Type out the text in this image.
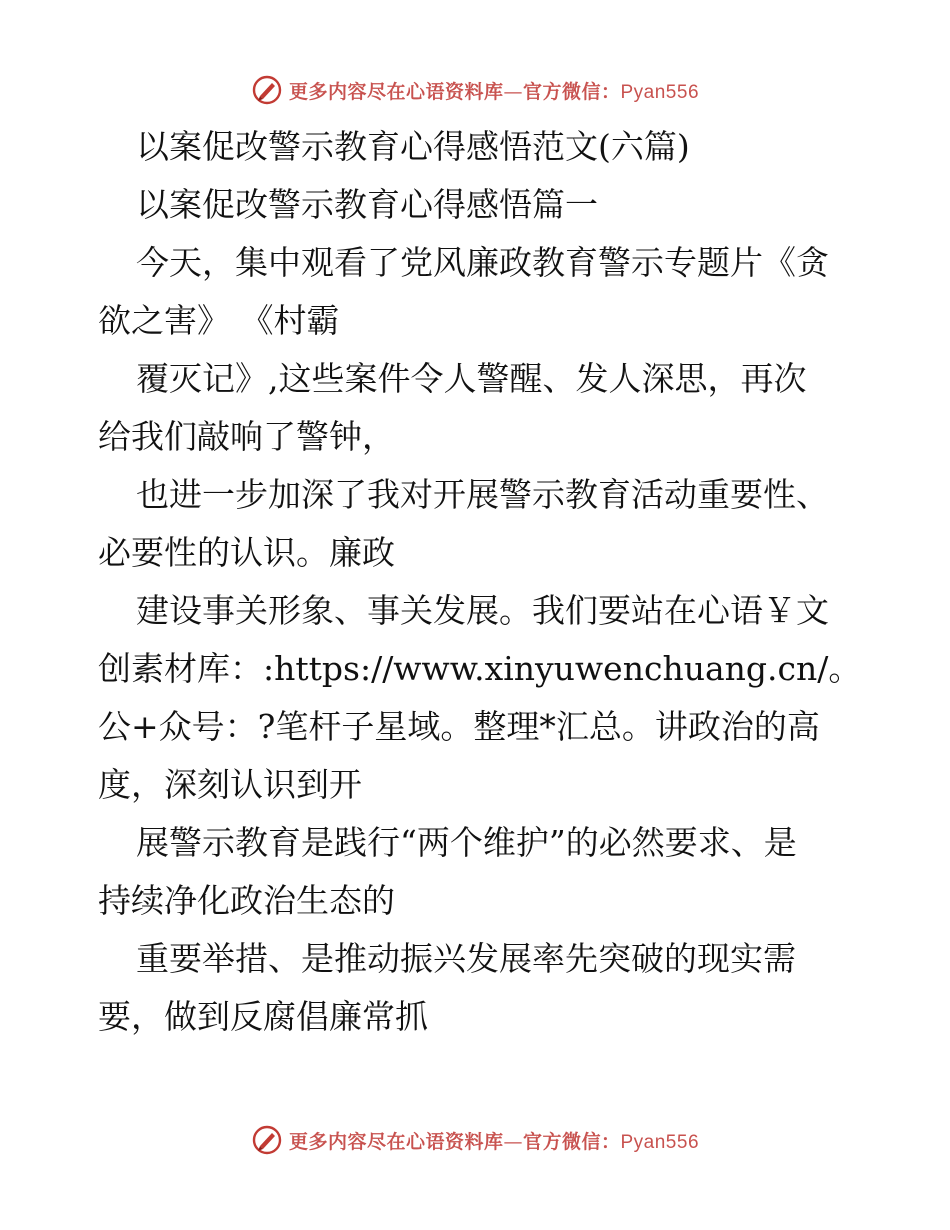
更多内容尽在心语资料库—官方微信：Pyan556

以案促改警示教育心得感悟范文(六篇)

以案促改警示教育心得感悟篇一

今天，集中观看了党风廉政教育警示专题片《贪

欲之害》 《村霸

覆灭记》,这些案件令人警醒、发人深思，再次

给我们敲响了警钟，

也进一步加深了我对开展警示教育活动重要性、

必要性的认识。廉政

建设事关形象、事关发展。我们要站在心语￥文

创素材库：:https://www.xinyuwenchuang.cn/。

公+众号：?笔杆子星域。整理*汇总。讲政治的高

度，深刻认识到开

展警示教育是践行“两个维护”的必然要求、是

持续净化政治生态的

重要举措、是推动振兴发展率先突破的现实需

要，做到反腐倡廉常抓

更多内容尽在心语资料库—官方微信：Pyan556
